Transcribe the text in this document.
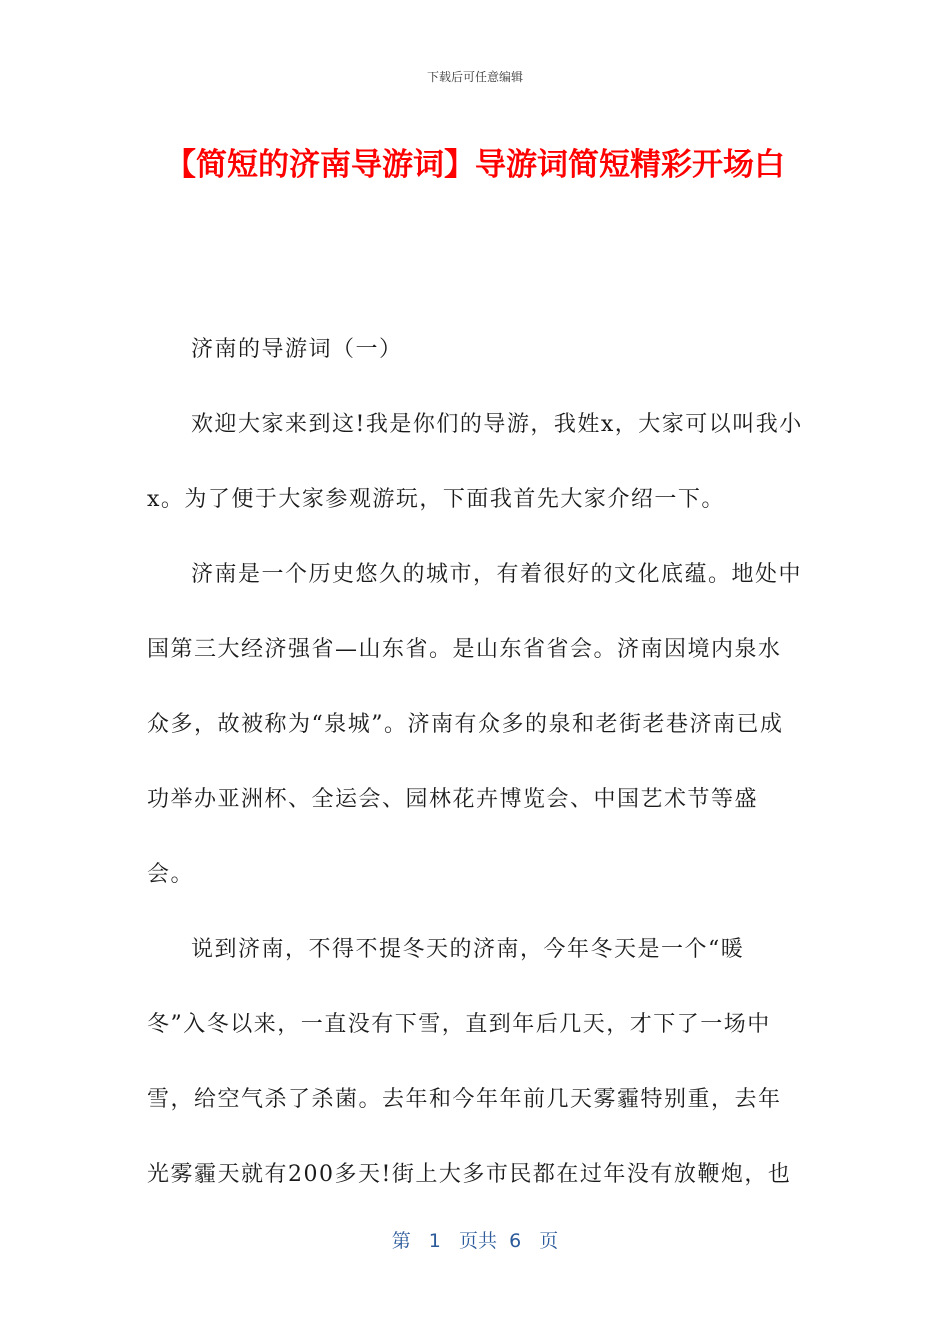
下载后可任意编辑
【简短的济南导游词】导游词简短精彩开场白

济南的导游词（一）

欢迎大家来到这!我是你们的导游，我姓x，大家可以叫我小x。为了便于大家参观游玩，下面我首先大家介绍一下。

济南是一个历史悠久的城市，有着很好的文化底蕴。地处中国第三大经济强省—山东省。是山东省省会。济南因境内泉水众多，故被称为“泉城”。济南有众多的泉和老街老巷济南已成功举办亚洲杯、全运会、园林花卉博览会、中国艺术节等盛会。

说到济南，不得不提冬天的济南，今年冬天是一个“暖冬”入冬以来，一直没有下雪，直到年后几天，才下了一场中雪，给空气杀了杀菌。去年和今年年前几天雾霾特别重，去年光雾霾天就有200多天!街上大多市民都在过年没有放鞭炮，也

第   1   页共  6   页
